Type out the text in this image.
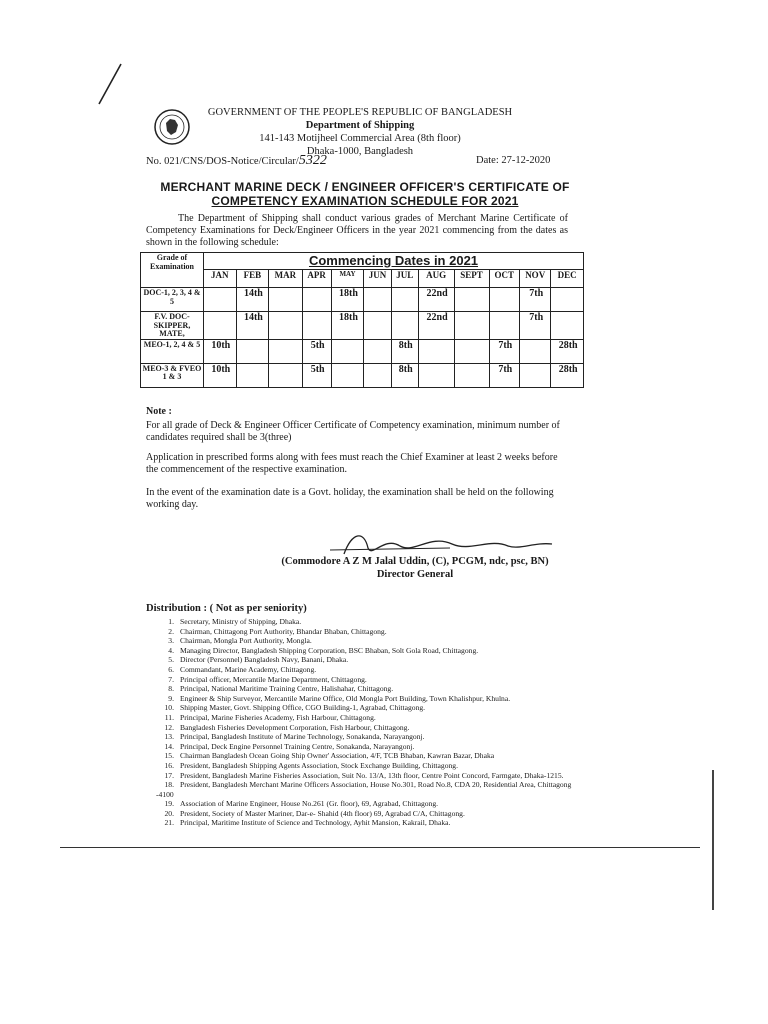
GOVERNMENT OF THE PEOPLE'S REPUBLIC OF BANGLADESH
Department of Shipping
141-143 Motijheel Commercial Area (8th floor)
Dhaka-1000, Bangladesh
No. 021/CNS/DOS-Notice/Circular/5322	Date: 27-12-2020
MERCHANT MARINE DECK / ENGINEER OFFICER'S CERTIFICATE OF
COMPETENCY EXAMINATION SCHEDULE FOR 2021
The Department of Shipping shall conduct various grades of Merchant Marine Certificate of Competency Examinations for Deck/Engineer Officers in the year 2021 commencing from the dates as shown in the following schedule:
Grade of Examination	Commencing Dates in 2021											
	JAN	FEB	MAR	APR	MAY	JUN	JUL	AUG	SEPT	OCT	NOV	DEC
DOC-1, 2, 3, 4 & 5		14th			18th			22nd			7th	
F.V. DOC-SKIPPER, MATE,		14th			18th			22nd			7th	
MEO-1, 2, 4 & 5	10th			5th			8th			7th		28th
MEO-3 & FVEO 1 & 3	10th			5th			8th			7th		28th
Note :
For all grade of Deck & Engineer Officer Certificate of Competency examination, minimum number of candidates required shall be 3(three)
Application in prescribed forms along with fees must reach the Chief Examiner at least 2 weeks before the commencement of the respective examination.
In the event of the examination date is a Govt. holiday, the examination shall be held on the following working day.
(Commodore A Z M Jalal Uddin, (C), PCGM, ndc, psc, BN)
Director General
Distribution : ( Not as per seniority)
1. Secretary, Ministry of Shipping, Dhaka.
2. Chairman, Chittagong Port Authority, Bhandar Bhaban, Chittagong.
3. Chairman, Mongla Port Authority, Mongla.
4. Managing Director, Bangladesh Shipping Corporation, BSC Bhaban, Solt Gola Road, Chittagong.
5. Director (Personnel) Bangladesh Navy, Banani, Dhaka.
6. Commandant, Marine Academy, Chittagong.
7. Principal officer, Mercantile Marine Department, Chittagong.
8. Principal, National Maritime Training Centre, Halishahar, Chittagong.
9. Engineer & Ship Surveyor, Mercantile Marine Office, Old Mongla Port Building, Town Khalishpur, Khulna.
10. Shipping Master, Govt. Shipping Office, CGO Building-1, Agrabad, Chittagong.
11. Principal, Marine Fisheries Academy, Fish Harbour, Chittagong.
12. Bangladesh Fisheries Development Corporation, Fish Harbour, Chittagong.
13. Principal, Bangladesh Institute of Marine Technology, Sonakanda, Narayangonj.
14. Principal, Deck Engine Personnel Training Centre, Sonakanda, Narayangonj.
15. Chairman Bangladesh Ocean Going Ship Owner' Association, 4/F, TCB Bhaban, Kawran Bazar, Dhaka
16. President, Bangladesh Shipping Agents Association, Stock Exchange Building, Chittagong.
17. President, Bangladesh Marine Fisheries Association, Suit No. 13/A, 13th floor, Centre Point Concord, Farmgate, Dhaka-1215.
18. President, Bangladesh Merchant Marine Officers Association, House No.301, Road No.8, CDA 20, Residential Area, Chittagong -4100
19. Association of Marine Engineer, House No.261 (Gr. floor), 69, Agrabad, Chittagong.
20. President, Society of Master Mariner, Dar-e- Shahid (4th floor) 69, Agrabad C/A, Chittagong.
21. Principal, Maritime Institute of Science and Technology, Ayhit Mansion, Kakrail, Dhaka.
